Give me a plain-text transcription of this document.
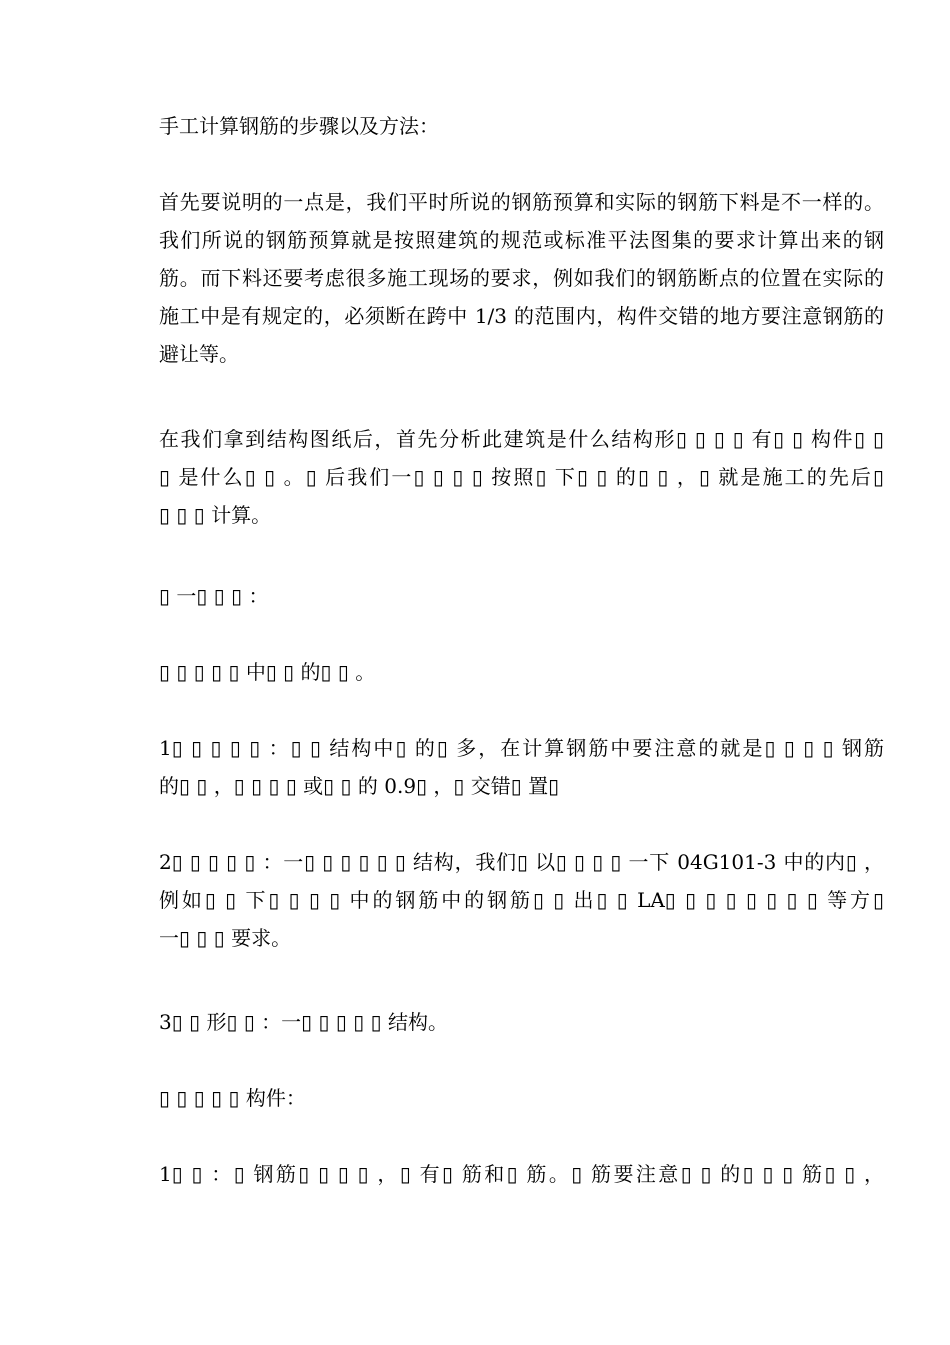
手工计算钢筋的步骤以及方法：
首先要说明的一点是，我们平时所说的钢筋预算和实际的钢筋下料是不一样的。
我们所说的钢筋预算就是按照建筑的规范或标准平法图集的要求计算出来的钢
筋。而下料还要考虑很多施工现场的要求，例如我们的钢筋断点的位置在实际的
施工中是有规定的，必须断在跨中 1/3 的范围内，构件交错的地方要注意钢筋的
避让等。
在我们拿到结构图纸后，首先分析此建筑是什么结构形▯ ▯ ▯ ▯ 有▯ ▯ 构件▯ ▯
▯ 是什么▯ ▯ 。▯ 后我们一▯ ▯ ▯ ▯ 按照▯ 下▯ ▯ 的▯ ▯ ，▯ 就是施工的先后▯
▯ ▯ ▯ 计算。
▯ 一▯ ▯ ▯ ：
▯ ▯ ▯ ▯ ▯ 中▯ ▯ 的▯ ▯ 。
1▯ ▯ ▯ ▯ ▯ ：▯ ▯ 结构中▯ 的▯ 多，在计算钢筋中要注意的就是▯ ▯ ▯ ▯ 钢筋
的▯ ▯ ，▯ ▯ ▯ ▯ 或▯ ▯ 的 0.9▯ ，▯ 交错▯ 置▯
2▯ ▯ ▯ ▯ ▯ ：一▯ ▯ ▯ ▯ ▯ ▯ 结构，我们▯ 以▯ ▯ ▯ ▯ 一下 04G101-3 中的内▯ ，
例如▯ ▯ 下▯ ▯ ▯ ▯ 中的钢筋中的钢筋▯ ▯ 出▯ ▯ LA▯ ▯ ▯ ▯ ▯ ▯ ▯ ▯ 等方▯
一▯ ▯ ▯ 要求。
3▯ ▯ 形▯ ▯ ：一▯ ▯ ▯ ▯ ▯ 结构。
▯ ▯ ▯ ▯ ▯ 构件：
1▯ ▯ ：▯ 钢筋▯ ▯ ▯ ▯ ，▯ 有▯ 筋和▯ 筋。▯ 筋要注意▯ ▯ 的▯ ▯ ▯ 筋▯ ▯ ，
